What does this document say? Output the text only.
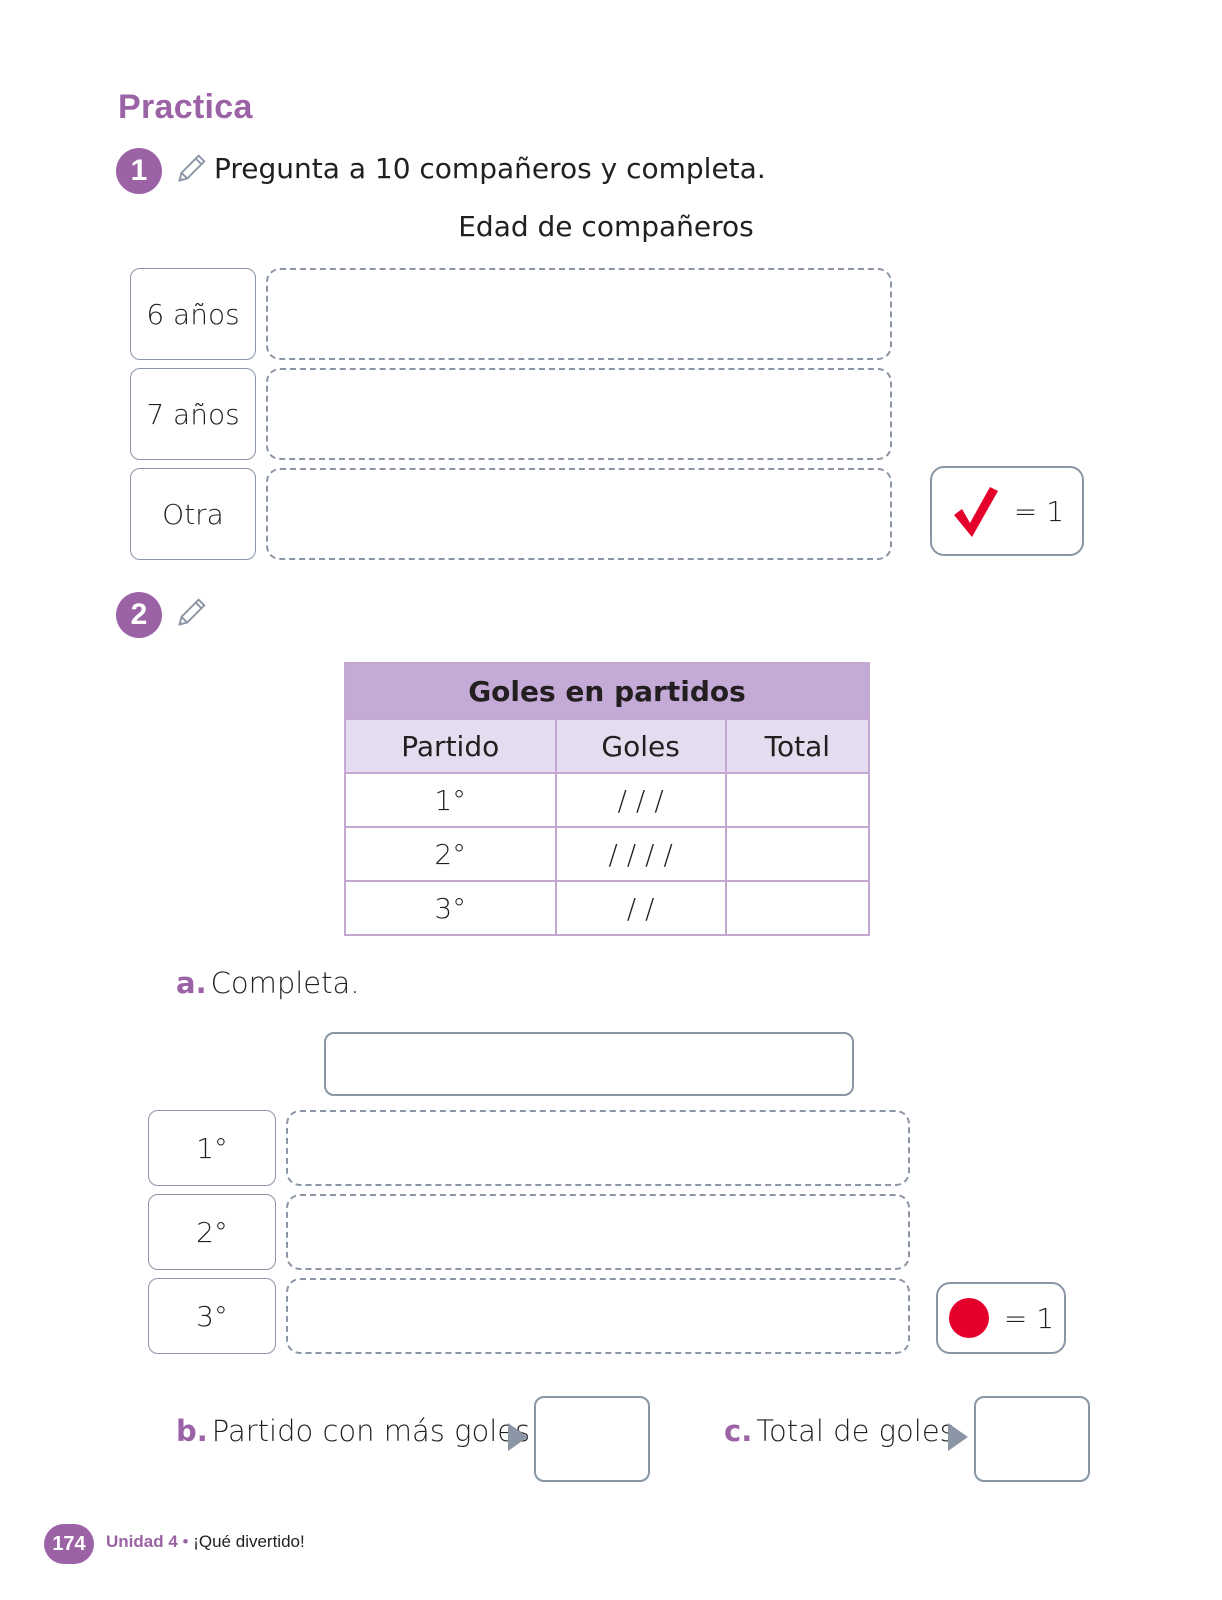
Practica
1	Pregunta a 10 compañeros y completa.
Edad de compañeros
6 años
7 años
Otra	= 1
2
Goles en partidos		
Partido	Goles	Total
1°	/ / /	
2°	/ / / /	
3°	/ /	
a. Completa.
1°
2°
3°	= 1
b. Partido con más goles	c. Total de goles
174	Unidad 4 • ¡Qué divertido!
